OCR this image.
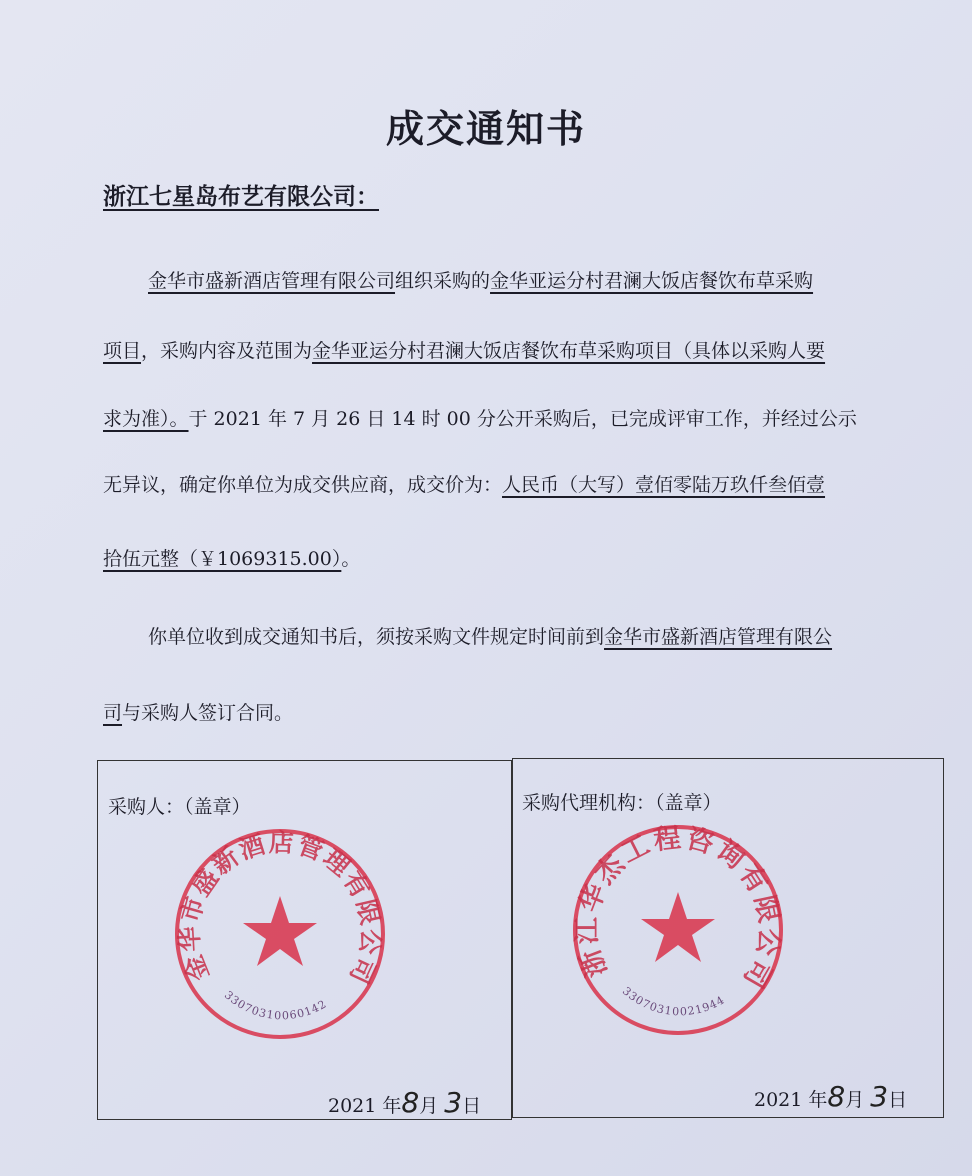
成交通知书
浙江七星岛布艺有限公司：
金华市盛新酒店管理有限公司组织采购的金华亚运分村君澜大饭店餐饮布草采购
项目，采购内容及范围为金华亚运分村君澜大饭店餐饮布草采购项目（具体以采购人要
求为准）。于 2021 年 7 月 26 日 14 时 00 分公开采购后，已完成评审工作，并经过公示
无异议，确定你单位为成交供应商，成交价为：人民币（大写）壹佰零陆万玖仟叁佰壹
拾伍元整（￥1069315.00）。
你单位收到成交通知书后，须按采购文件规定时间前到金华市盛新酒店管理有限公
司与采购人签订合同。
采购人：（盖章）	采购代理机构：（盖章）
金华市盛新酒店管理有限公司
33070310060142
浙江华杰工程咨询有限公司
33070310021944
2021 年8月 3日	2021 年8月 3日
